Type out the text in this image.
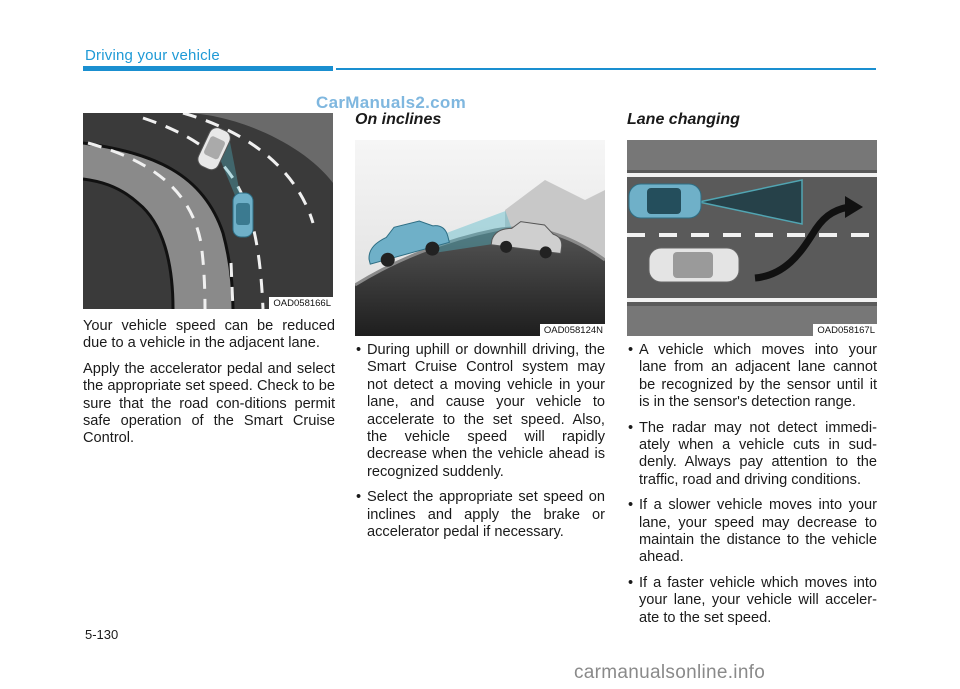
Driving your vehicle
CarManuals2.com
OAD058166L

Your vehicle speed can be reduced due to a vehicle in the adjacent lane.

Apply the accelerator pedal and select the appropriate set speed. Check to be sure that the road con-ditions permit safe operation of the Smart Cruise Control.

On inclines
OAD058124N
• During uphill or downhill driving, the Smart Cruise Control system may not detect a moving vehicle in your lane, and cause your vehicle to accelerate to the set speed. Also, the vehicle speed will rapidly decrease when the vehicle ahead is recognized suddenly.
• Select the appropriate set speed on inclines and apply the brake or accelerator pedal if necessary.
Lane changing
OAD058167L
• A vehicle which moves into your lane from an adjacent lane cannot be recognized by the sensor until it is in the sensor's detection range.
• The radar may not detect immedi-ately when a vehicle cuts in sud-denly. Always pay attention to the traffic, road and driving conditions.
• If a slower vehicle moves into your lane, your speed may decrease to maintain the distance to the vehicle ahead.
• If a faster vehicle which moves into your lane, your vehicle will acceler-ate to the set speed.
5-130
carmanualsonline.info
